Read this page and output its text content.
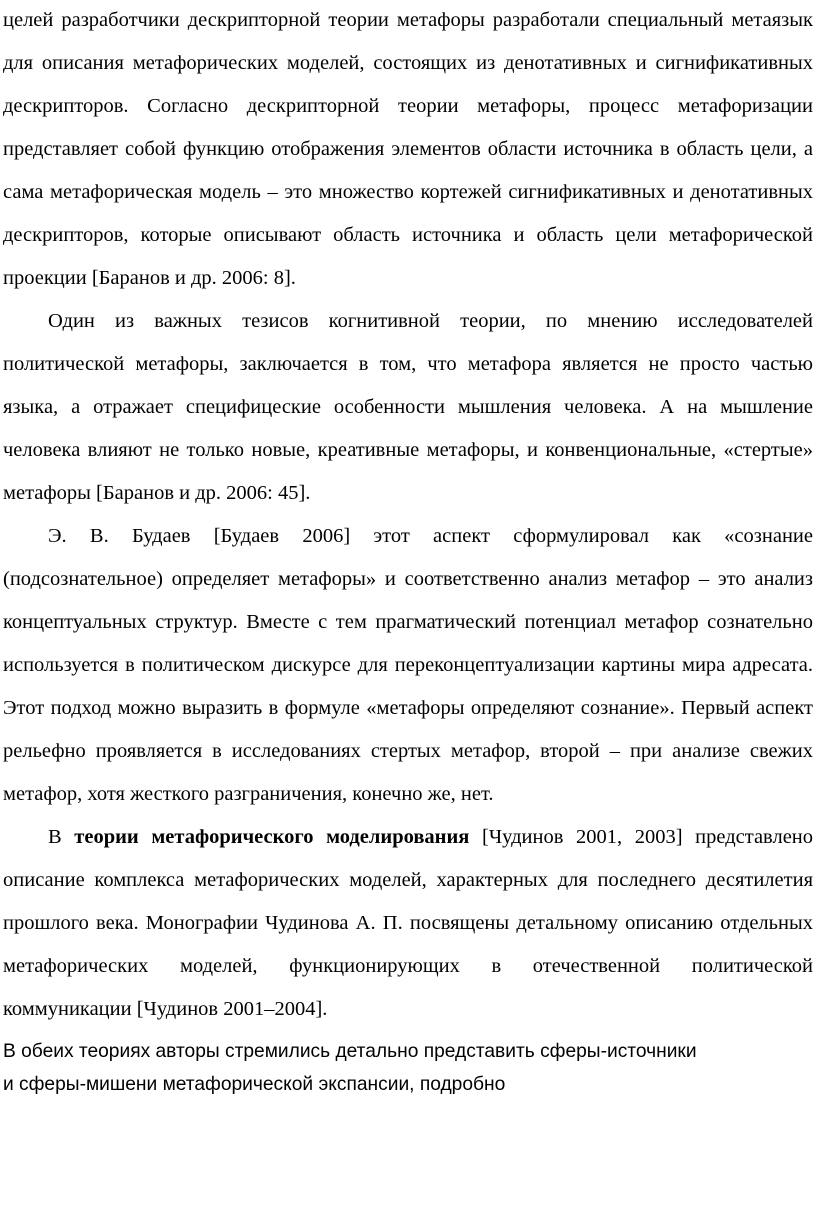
целей разработчики дескрипторной теории метафоры разработали специальный метаязык для описания метафорических моделей, состоящих из денотативных и сигнификативных дескрипторов. Согласно дескрипторной теории метафоры, процесс метафоризации представляет собой функцию отображения элементов области источника в область цели, а сама метафорическая модель – это множество кортежей сигнификативных и денотативных дескрипторов, которые описывают область источника и область цели метафорической проекции [Баранов и др. 2006: 8].

Один из важных тезисов когнитивной теории, по мнению исследователей политической метафоры, заключается в том, что метафора является не просто частью языка, а отражает специфицеские особенности мышления человека. А на мышление человека влияют не только новые, креативные метафоры, и конвенциональные, «стертые» метафоры [Баранов и др. 2006: 45].

Э. В. Будаев [Будаев 2006] этот аспект сформулировал как «сознание (подсознательное) определяет метафоры» и соответственно анализ метафор – это анализ концептуальных структур. Вместе с тем прагматический потенциал метафор сознательно используется в политическом дискурсе для переконцептуализации картины мира адресата. Этот подход можно выразить в формуле «метафоры определяют сознание». Первый аспект рельефно проявляется в исследованиях стертых метафор, второй – при анализе свежих метафор, хотя жесткого разграничения, конечно же, нет.

В теории метафорического моделирования [Чудинов 2001, 2003] представлено описание комплекса метафорических моделей, характерных для последнего десятилетия прошлого века. Монографии Чудинова А. П. посвящены детальному описанию отдельных метафорических моделей, функционирующих в отечественной политической коммуникации [Чудинов 2001–2004].

В обеих теориях авторы стремились детально представить сферы-источники
и сферы-мишени метафорической экспансии, подробно
